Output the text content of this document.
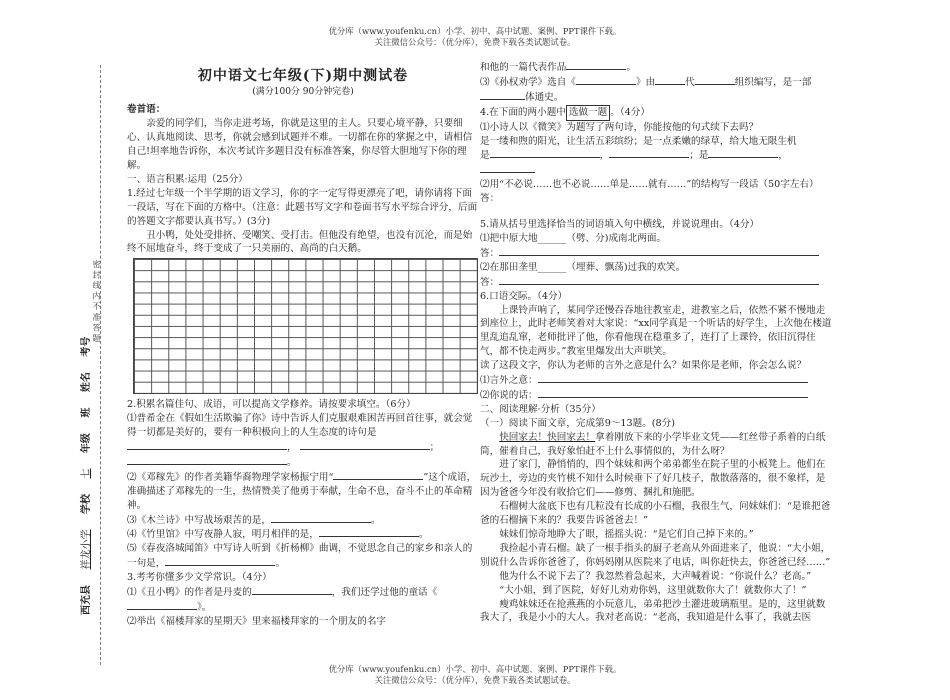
优分库（www.youfenku.cn）小学、初中、高中试题、案例、PPT课件下载。
关注微信公众号：（优分库），免费下载各类试题试卷。
优分库（www.youfenku.cn）小学、初中、高中试题、案例、PPT课件下载。
关注微信公众号：（优分库），免费下载各类试题试卷。
密 封 线 内 不 准 答 题
西充县 祥龙小学 学校 七 年级 班 姓名 考号
初中语文七年级(下)期中测试卷
(满分100分 90分钟完卷)

卷首语：

亲爱的同学们，当你走进考场，你就是这里的主人。只要心境平静，只要细心、认真地阅读、思考，你就会感到试题并不难。一切都在你的掌握之中，请相信自己!坦率地告诉你，本次考试许多题目没有标准答案，你尽管大胆地写下你的理解。

一、语言积累·运用（25分）

1.经过七年级一个半学期的语文学习，你的字一定写得更漂亮了吧，请你请将下面一段话，写在下面的方格中。（注意：此题书写文字和卷面书写水平综合评分，后面的答题文字都要认真书写。）(3分)

丑小鸭，处处受排挤、受嘲笑、受打击。但他没有绝望，也没有沉沦，而是始终不屈地奋斗，终于变成了一只美丽的、高尚的白天鹅。

2.积累名篇佳句、成语，可以提高文学修养。请按要求填空。（6分）

⑴普希金在《假如生活欺骗了你》诗中告诉人们克服艰难困苦再回首往事，就会觉得一切都是美好的，要有一种积极向上的人生态度的诗句是，	；。

⑵《邓稼先》的作者美籍华裔物理学家杨振宁用“	”这个成语，准确描述了邓稼先的一生，热情赞美了他勇于奉献，生命不息，奋斗不止的革命精神。

⑶《木兰诗》中写战场艰苦的是，	。

⑷《竹里馆》中写夜静人寂，明月相伴的是，	。

⑸《春夜洛城闻笛》中写诗人听到《折杨柳》曲调，不觉思念自己的家乡和亲人的一句是，	。

3.考考你懂多少文学常识。（4分）

⑴《丑小鸭》的作者是丹麦的	，我们还学过他的童话《》。

⑵举出《福楼拜家的星期天》里来福楼拜家的一个朋友的名字

和他的一篇代表作品	。

⑶《孙权劝学》选自《	》由	代	组织编写，是一部体通史。

4.在下面的两小题中 选做一题 。（4分）

⑴小诗人以《微笑》为题写了两句诗，你能按他的句式续下去吗？

是一缕和煦的阳光，让生活五彩缤纷；是一点柔嫩的绿草，给大地无限生机

是	，	；是	，

⑵用“不必说……也不必说……单是……就有……”的结构写一段话（50字左右）

答：

5.请从括号里选择恰当的词语填入句中横线，并说说理由。（4分）

⑴把中原大地______（劈、分)成南北两面。

答：

⑵在那田垄里______（埋葬、飘荡)过我的欢笑。

答：

6.口语交际。（4分）

上课铃声响了，某同学还慢吞吞地往教室走，进教室之后，依然不紧不慢地走到座位上，此时老师笑着对大家说：“xx同学真是一个听话的好学生，上次他在楼道里乱追乱窜，老师批评了他，你看他现在稳重多了，连打了上课铃，依旧沉得住气，都不快走两步。”教室里爆发出大声哄笑。

读了这段文字，你认为老师的言外之意是什么？如果你是老师，你会怎么说？

⑴言外之意：

⑵你说的话：

二、阅读理解·分析（35分）

（一）阅读下面文章，完成第9～13题。(8分)

快回家去！快回家去！拿着刚放下来的小学毕业文凭——红丝带子系着的白纸筒，催着自己，我好象怕赶不上什么事情似的，为什么呀？

进了家门，静悄悄的，四个妹妹和两个弟弟都坐在院子里的小板凳上。他们在玩沙土，旁边的夹竹桃不知什么时候垂下了好几枝子，散散落落的，很不象样，是因为爸爸今年没有收拾它们——修剪、捆扎和施肥。

石榴树大盆底下也有几粒没有长成的小石榴，我很生气，问妹妹们：“是谁把爸爸的石榴摘下来的？我要告诉爸爸去！”

妹妹们惊奇地睁大了眼，摇摇头说：“是它们自己掉下来的。”

我捡起小青石榴。缺了一根手指头的厨子老高从外面进来了，他说：“大小姐，别说什么告诉你爸爸了，你妈妈刚从医院来了电话，叫你赶快去，你爸爸已经……”

他为什么不说下去了？我忽然着急起来，大声喊着说：“你说什么？老高。”

“大小姐，到了医院，好好儿劝劝你妈，这里就数你大了！就数你大了！”

瘦鸡妹妹还在抢燕燕的小玩意儿，弟弟把沙土灌进玻璃瓶里。是的，这里就数我大了，我是小小的大人。我对老高说：“老高，我知道是什么事了，我就去医
